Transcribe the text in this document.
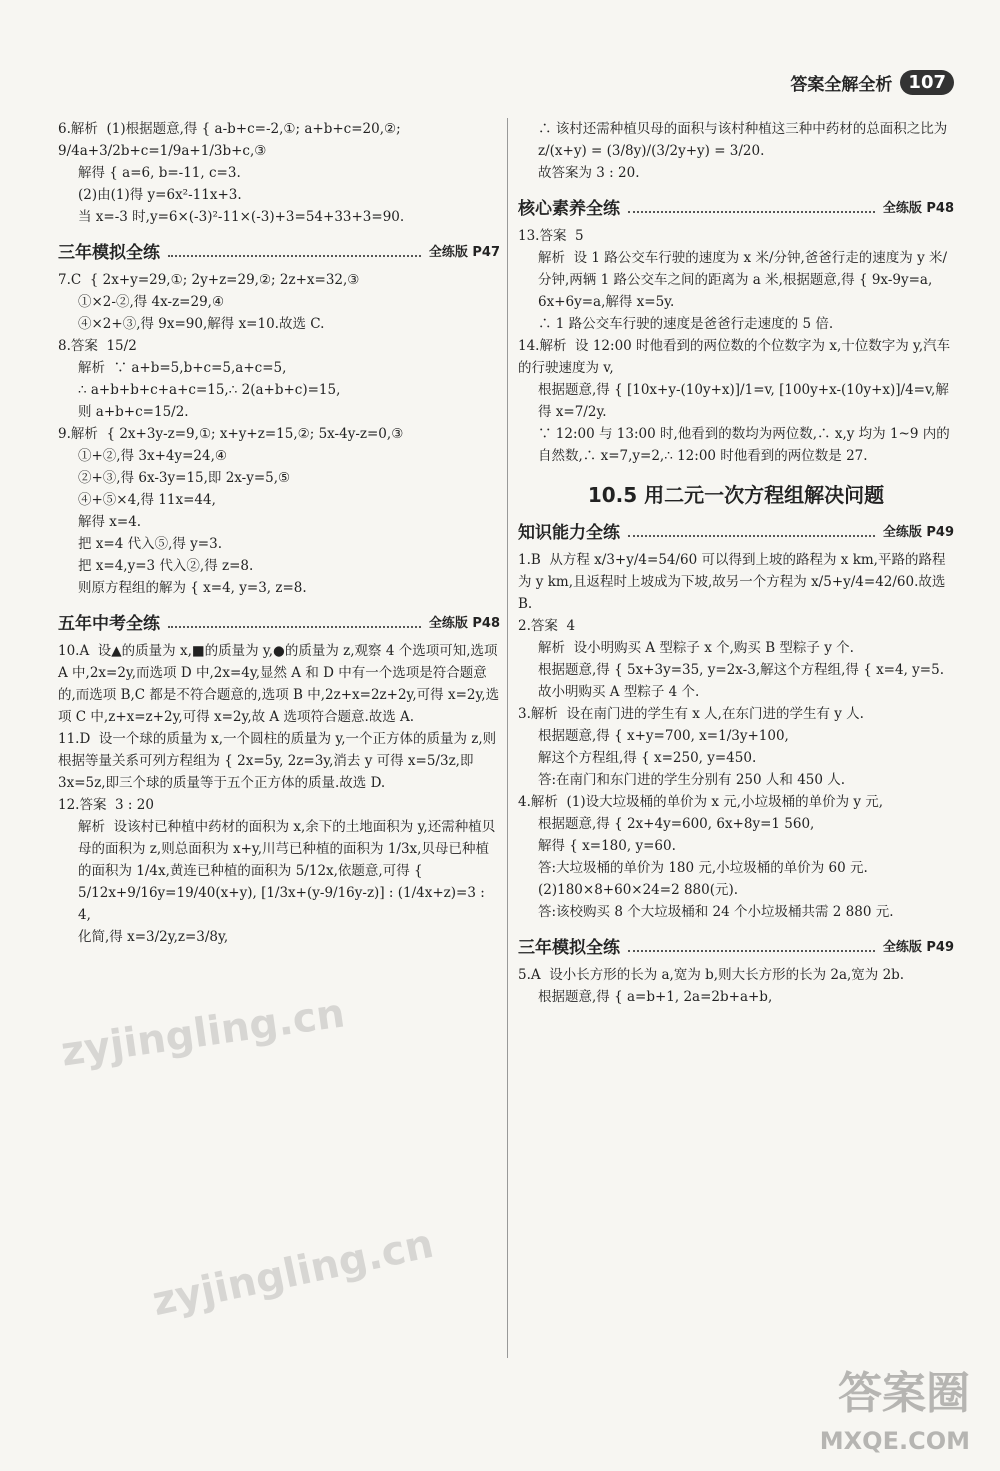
答案全解全析 107
6.解析  (1)根据题意,得 { a-b+c=-2,①; a+b+c=20,②; 9/4a+3/2b+c=1/9a+1/3b+c,③
解得 { a=6, b=-11, c=3.
(2)由(1)得 y=6x²-11x+3.
当 x=-3 时,y=6×(-3)²-11×(-3)+3=54+33+3=90.
三年模拟全练	全练版 P47
7.C  { 2x+y=29,①; 2y+z=29,②; 2z+x=32,③
①×2-②,得 4x-z=29,④
④×2+③,得 9x=90,解得 x=10.故选 C.
8.答案  15/2
解析  ∵ a+b=5,b+c=5,a+c=5,
∴ a+b+b+c+a+c=15,∴ 2(a+b+c)=15,
则 a+b+c=15/2.
9.解析  { 2x+3y-z=9,①; x+y+z=15,②; 5x-4y-z=0,③
①+②,得 3x+4y=24,④
②+③,得 6x-3y=15,即 2x-y=5,⑤
④+⑤×4,得 11x=44,
解得 x=4.
把 x=4 代入⑤,得 y=3.
把 x=4,y=3 代入②,得 z=8.
则原方程组的解为 { x=4, y=3, z=8.
五年中考全练	全练版 P48
10.A  设▲的质量为 x,■的质量为 y,●的质量为 z,观察 4 个选项可知,选项 A 中,2x=2y,而选项 D 中,2x=4y,显然 A 和 D 中有一个选项是符合题意的,而选项 B,C 都是不符合题意的,选项 B 中,2z+x=2z+2y,可得 x=2y,选项 C 中,z+x=z+2y,可得 x=2y,故 A 选项符合题意.故选 A.
11.D  设一个球的质量为 x,一个圆柱的质量为 y,一个正方体的质量为 z,则根据等量关系可列方程组为 { 2x=5y, 2z=3y,消去 y 可得 x=5/3z,即 3x=5z,即三个球的质量等于五个正方体的质量.故选 D.
12.答案  3 : 20
解析  设该村已种植中药材的面积为 x,余下的土地面积为 y,还需种植贝母的面积为 z,则总面积为 x+y,川芎已种植的面积为 1/3x,贝母已种植的面积为 1/4x,黄连已种植的面积为 5/12x,依题意,可得 { 5/12x+9/16y=19/40(x+y), [1/3x+(y-9/16y-z)] : (1/4x+z)=3 : 4,
化简,得 x=3/2y,z=3/8y,
∴ 该村还需种植贝母的面积与该村种植这三种中药材的总面积之比为 z/(x+y) = (3/8y)/(3/2y+y) = 3/20.
故答案为 3 : 20.
核心素养全练	全练版 P48
13.答案  5
解析  设 1 路公交车行驶的速度为 x 米/分钟,爸爸行走的速度为 y 米/分钟,两辆 1 路公交车之间的距离为 a 米,根据题意,得 { 9x-9y=a, 6x+6y=a,解得 x=5y.
∴ 1 路公交车行驶的速度是爸爸行走速度的 5 倍.
14.解析  设 12:00 时他看到的两位数的个位数字为 x,十位数字为 y,汽车的行驶速度为 v,
根据题意,得 { [10x+y-(10y+x)]/1=v, [100y+x-(10y+x)]/4=v,解得 x=7/2y.
∵ 12:00 与 13:00 时,他看到的数均为两位数,∴ x,y 均为 1~9 内的自然数,∴ x=7,y=2,∴ 12:00 时他看到的两位数是 27.
10.5 用二元一次方程组解决问题
知识能力全练	全练版 P49
1.B  从方程 x/3+y/4=54/60 可以得到上坡的路程为 x km,平路的路程为 y km,且返程时上坡成为下坡,故另一个方程为 x/5+y/4=42/60.故选 B.
2.答案  4
解析  设小明购买 A 型粽子 x 个,购买 B 型粽子 y 个.
根据题意,得 { 5x+3y=35, y=2x-3,解这个方程组,得 { x=4, y=5.
故小明购买 A 型粽子 4 个.
3.解析  设在南门进的学生有 x 人,在东门进的学生有 y 人.
根据题意,得 { x+y=700, x=1/3y+100,
解这个方程组,得 { x=250, y=450.
答:在南门和东门进的学生分别有 250 人和 450 人.
4.解析  (1)设大垃圾桶的单价为 x 元,小垃圾桶的单价为 y 元,
根据题意,得 { 2x+4y=600, 6x+8y=1 560,
解得 { x=180, y=60.
答:大垃圾桶的单价为 180 元,小垃圾桶的单价为 60 元.
(2)180×8+60×24=2 880(元).
答:该校购买 8 个大垃圾桶和 24 个小垃圾桶共需 2 880 元.
三年模拟全练	全练版 P49
5.A  设小长方形的长为 a,宽为 b,则大长方形的长为 2a,宽为 2b.
根据题意,得 { a=b+1, 2a=2b+a+b,
zyjingling.cn
zyjingling.cn
答案圈
MXQE.COM
